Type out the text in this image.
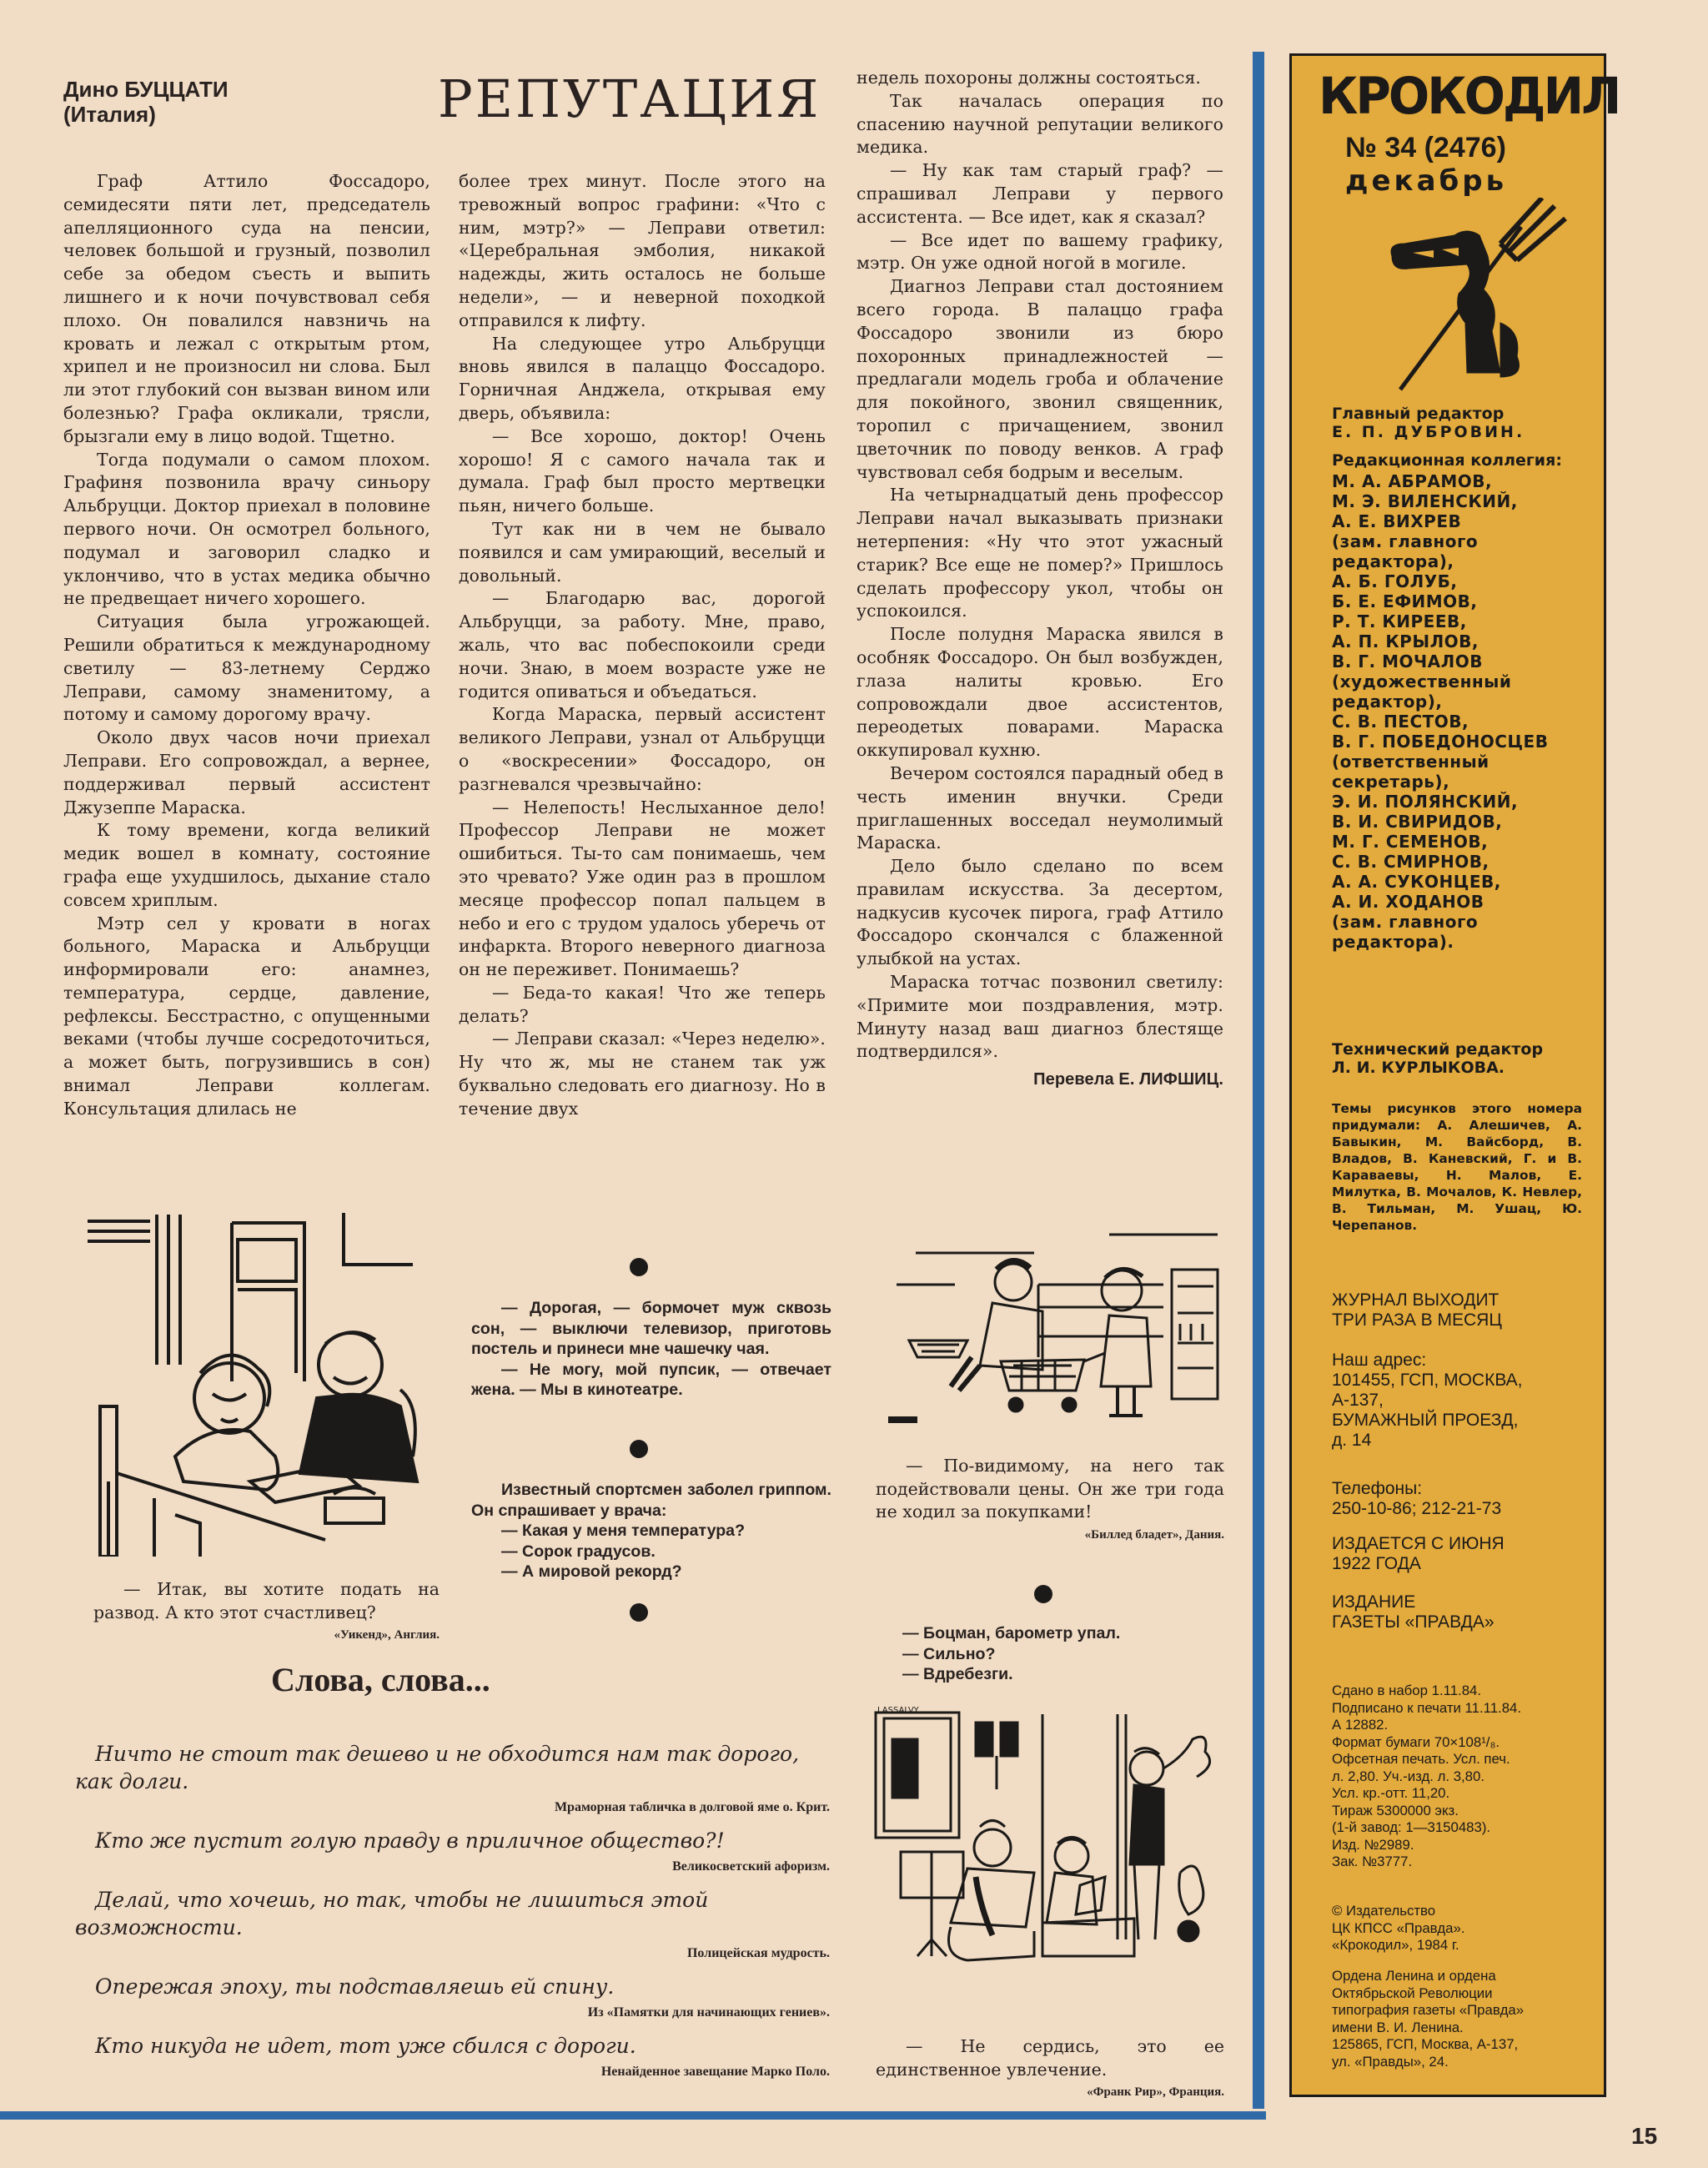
Дино БУЦЦАТИ
(Италия)	РЕПУТАЦИЯ

Граф Аттило Фоссадоро, семидесяти пяти лет, председатель апелляционного суда на пенсии, человек большой и грузный, позволил себе за обедом съесть и выпить лишнего и к ночи почувствовал себя плохо. Он повалился навзничь на кровать и лежал с открытым ртом, хрипел и не произносил ни слова. Был ли этот глубокий сон вызван вином или болезнью? Графа окликали, трясли, брызгали ему в лицо водой. Тщетно.

Тогда подумали о самом плохом. Графиня позвонила врачу синьору Альбруцци. Доктор приехал в половине первого ночи. Он осмотрел больного, подумал и заговорил сладко и уклончиво, что в устах медика обычно не предвещает ничего хорошего.

Ситуация была угрожающей. Решили обратиться к международному светилу — 83-летнему Серджо Леправи, самому знаменитому, а потому и самому дорогому врачу.

Около двух часов ночи приехал Леправи. Его сопровождал, а вернее, поддерживал первый ассистент Джузеппе Мараска.

К тому времени, когда великий медик вошел в комнату, состояние графа еще ухудшилось, дыхание стало совсем хриплым.

Мэтр сел у кровати в ногах больного, Мараска и Альбруцци информировали его: анамнез, температура, сердце, давление, рефлексы. Бесстрастно, с опущенными веками (чтобы лучше сосредоточиться, а может быть, погрузившись в сон) внимал Леправи коллегам. Консультация длилась не

более трех минут. После этого на тревожный вопрос графини: «Что с ним, мэтр?» — Леправи ответил: «Церебральная эмболия, никакой надежды, жить осталось не больше недели», — и неверной походкой отправился к лифту.

На следующее утро Альбруцци вновь явился в палаццо Фоссадоро. Горничная Анджела, открывая ему дверь, объявила:

— Все хорошо, доктор! Очень хорошо! Я с самого начала так и думала. Граф был просто мертвецки пьян, ничего больше.

Тут как ни в чем не бывало появился и сам умирающий, веселый и довольный.

— Благодарю вас, дорогой Альбруцци, за работу. Мне, право, жаль, что вас побеспокоили среди ночи. Знаю, в моем возрасте уже не годится опиваться и объедаться.

Когда Мараска, первый ассистент великого Леправи, узнал от Альбруцци о «воскресении» Фоссадоро, он разгневался чрезвычайно:

— Нелепость! Неслыханное дело! Профессор Леправи не может ошибиться. Ты-то сам понимаешь, чем это чревато? Уже один раз в прошлом месяце профессор попал пальцем в небо и его с трудом удалось уберечь от инфаркта. Второго неверного диагноза он не переживет. Понимаешь?

— Беда-то какая! Что же теперь делать?

— Леправи сказал: «Через неделю». Ну что ж, мы не станем так уж буквально следовать его диагнозу. Но в течение двух

недель похороны должны состояться.

Так началась операция по спасению научной репутации великого медика.

— Ну как там старый граф? — спрашивал Леправи у первого ассистента. — Все идет, как я сказал?

— Все идет по вашему графику, мэтр. Он уже одной ногой в могиле.

Диагноз Леправи стал достоянием всего города. В палаццо графа Фоссадоро звонили из бюро похоронных принадлежностей — предлагали модель гроба и облачение для покойного, звонил священник, торопил с причащением, звонил цветочник по поводу венков. А граф чувствовал себя бодрым и веселым.

На четырнадцатый день профессор Леправи начал выказывать признаки нетерпения: «Ну что этот ужасный старик? Все еще не помер?» Пришлось сделать профессору укол, чтобы он успокоился.

После полудня Мараска явился в особняк Фоссадоро. Он был возбужден, глаза налиты кровью. Его сопровождали двое ассистентов, переодетых поварами. Мараска оккупировал кухню.

Вечером состоялся парадный обед в честь именин внучки. Среди приглашенных восседал неумолимый Мараска.

Дело было сделано по всем правилам искусства. За десертом, надкусив кусочек пирога, граф Аттило Фоссадоро скончался с блаженной улыбкой на устах.

Мараска тотчас позвонил светилу: «Примите мои поздравления, мэтр. Минуту назад ваш диагноз блестяще подтвердился».

Перевела Е. ЛИФШИЦ.

— Итак, вы хотите подать на развод. А кто этот счастливец?

«Уикенд», Англия.

— Дорогая, — бормочет муж сквозь сон, — выключи телевизор, приготовь постель и принеси мне чашечку чая.

— Не могу, мой пупсик, — отвечает жена. — Мы в кинотеатре.

Известный спортсмен заболел гриппом. Он спрашивает у врача:

— Какая у меня температура?

— Сорок градусов.

— А мировой рекорд?

— По-видимому, на него так подействовали цены. Он же три года не ходил за покупками!

«Биллед бладет», Дания.

— Боцман, барометр упал.

— Сильно?

— Вдребезги.

LASSALVY

— Не сердись, это ее единственное увлечение.

«Франк Рир», Франция.
Слова, слова...

Ничто не стоит так дешево и не обходится нам так дорого, как долги.

Мраморная табличка в долговой яме о. Крит.

Кто же пустит голую правду в приличное общество?!

Великосветский афоризм.

Делай, что хочешь, но так, чтобы не лишиться этой возможности.

Полицейская мудрость.

Опережая эпоху, ты подставляешь ей спину.

Из «Памятки для начинающих гениев».

Кто никуда не идет, тот уже сбился с дороги.

Ненайденное завещание Марко Поло.
КРОКОДИЛ
№ 34 (2476)
декабрь
Главный редактор
Е. П. ДУБРОВИН.
Редакционная коллегия:
М. А. АБРАМОВ,
М. Э. ВИЛЕНСКИЙ,
А. Е. ВИХРЕВ
(зам. главного
редактора),
А. Б. ГОЛУБ,
Б. Е. ЕФИМОВ,
Р. Т. КИРЕЕВ,
А. П. КРЫЛОВ,
В. Г. МОЧАЛОВ
(художественный
редактор),
С. В. ПЕСТОВ,
В. Г. ПОБЕДОНОСЦЕВ
(ответственный
секретарь),
Э. И. ПОЛЯНСКИЙ,
В. И. СВИРИДОВ,
М. Г. СЕМЕНОВ,
С. В. СМИРНОВ,
А. А. СУКОНЦЕВ,
А. И. ХОДАНОВ
(зам. главного
редактора).
Технический редактор
Л. И. КУРЛЫКОВА.
Темы рисунков этого номера придумали: А. Алешичев, А. Бавыкин, М. Вайсборд, В. Владов, В. Каневский, Г. и В. Караваевы, Н. Малов, Е. Милутка, В. Мочалов, К. Невлер, В. Тильман, М. Ушац, Ю. Черепанов.
ЖУРНАЛ ВЫХОДИТ
ТРИ РАЗА В МЕСЯЦ
Наш адрес:
101455, ГСП, МОСКВА,
А-137,
БУМАЖНЫЙ ПРОЕЗД,
д. 14
Телефоны:
250-10-86; 212-21-73
ИЗДАЕТСЯ С ИЮНЯ
1922 ГОДА
ИЗДАНИЕ
ГАЗЕТЫ «ПРАВДА»
Сдано в набор 1.11.84.
Подписано к печати 11.11.84.
А 12882.
Формат бумаги 70×108¹/₈.
Офсетная печать. Усл. печ.
л. 2,80. Уч.-изд. л. 3,80.
Усл. кр.-отт. 11,20.
Тираж 5300000 экз.
(1-й завод: 1—3150483).
Изд. №2989.
Зак. №3777.
© Издательство
ЦК КПСС «Правда».
«Крокодил», 1984 г.
Ордена Ленина и ордена
Октябрьской Революции
типография газеты «Правда»
имени В. И. Ленина.
125865, ГСП, Москва, А-137,
ул. «Правды», 24.
15
